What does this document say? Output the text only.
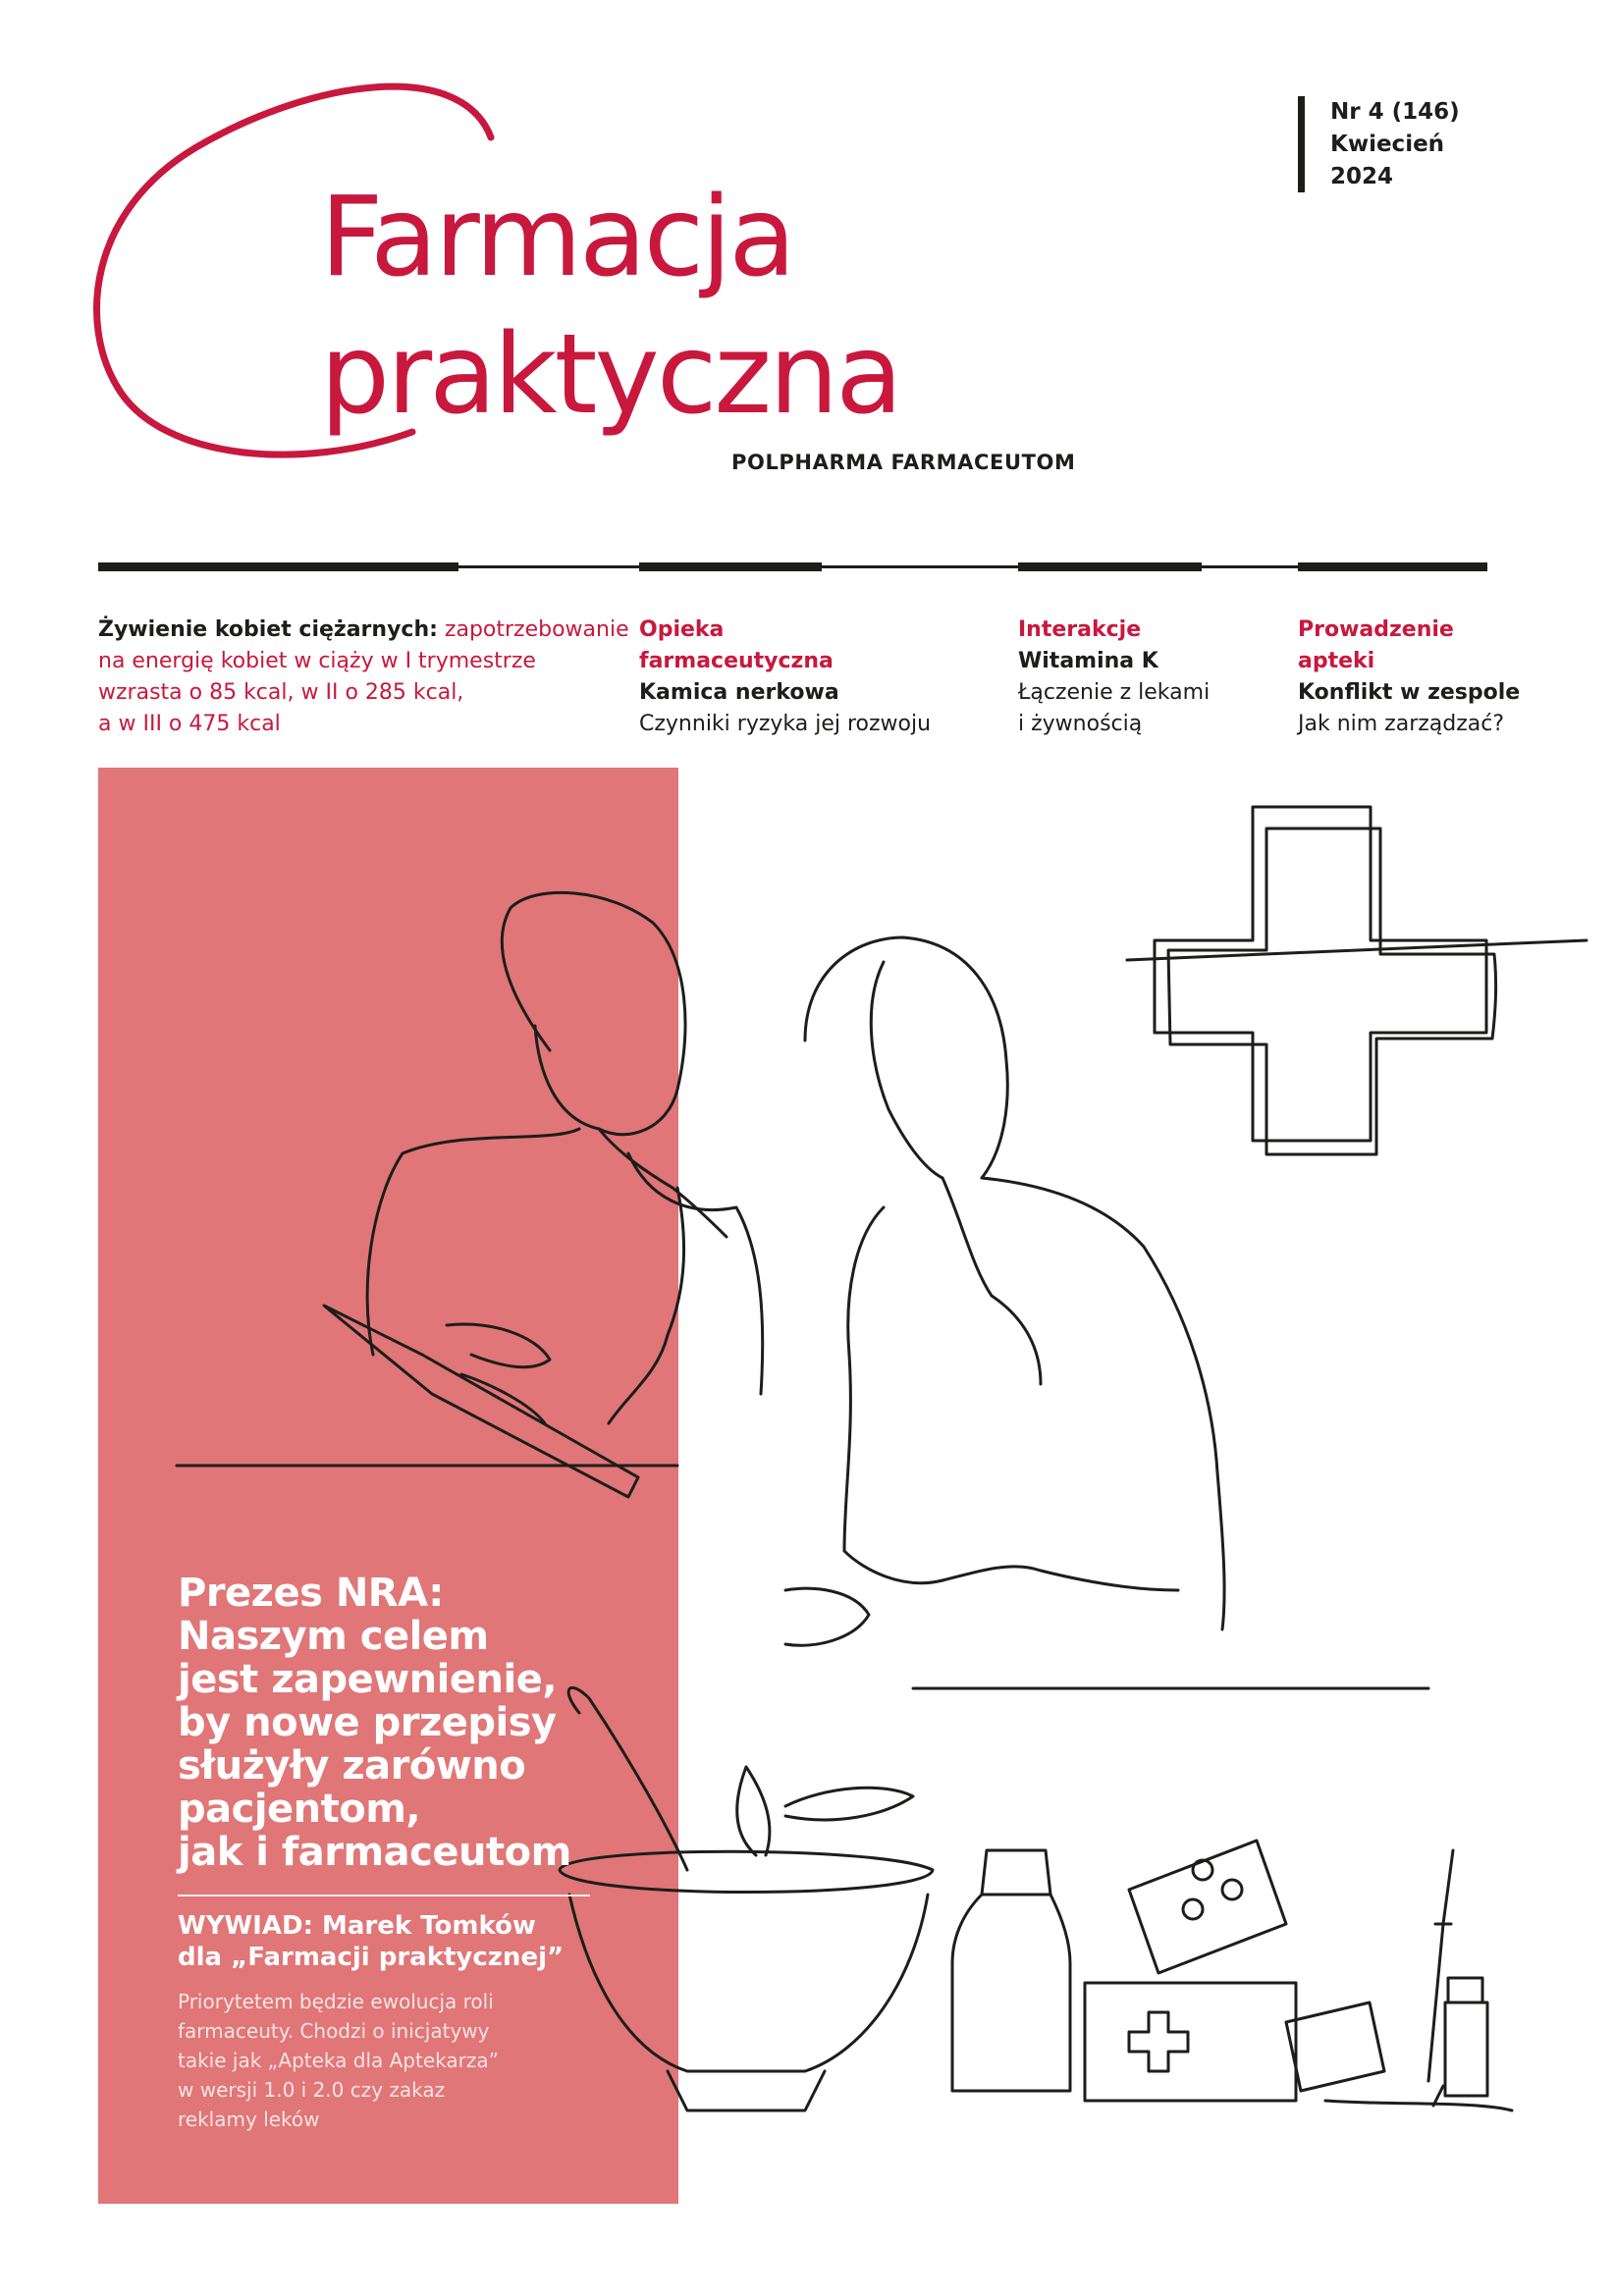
Nr 4 (146)
Kwiecień
2024
Farmacja
praktyczna
POLPHARMA FARMACEUTOM
Żywienie kobiet ciężarnych: zapotrzebowanie
na energię kobiet w ciąży w I trymestrze
wzrasta o 85 kcal, w II o 285 kcal,
a w III o 475 kcal
Opieka
farmaceutyczna
Kamica nerkowa
Czynniki ryzyka jej rozwoju
Interakcje
Witamina K
Łączenie z lekami
i żywnością
Prowadzenie
apteki
Konflikt w zespole
Jak nim zarządzać?
Prezes NRA:
Naszym celem
jest zapewnienie,
by nowe przepisy
służyły zarówno
pacjentom,
jak i farmaceutom
WYWIAD: Marek Tomków
dla „Farmacji praktycznej”
Priorytetem będzie ewolucja roli
farmaceuty. Chodzi o inicjatywy
takie jak „Apteka dla Aptekarza”
w wersji 1.0 i 2.0 czy zakaz
reklamy leków
